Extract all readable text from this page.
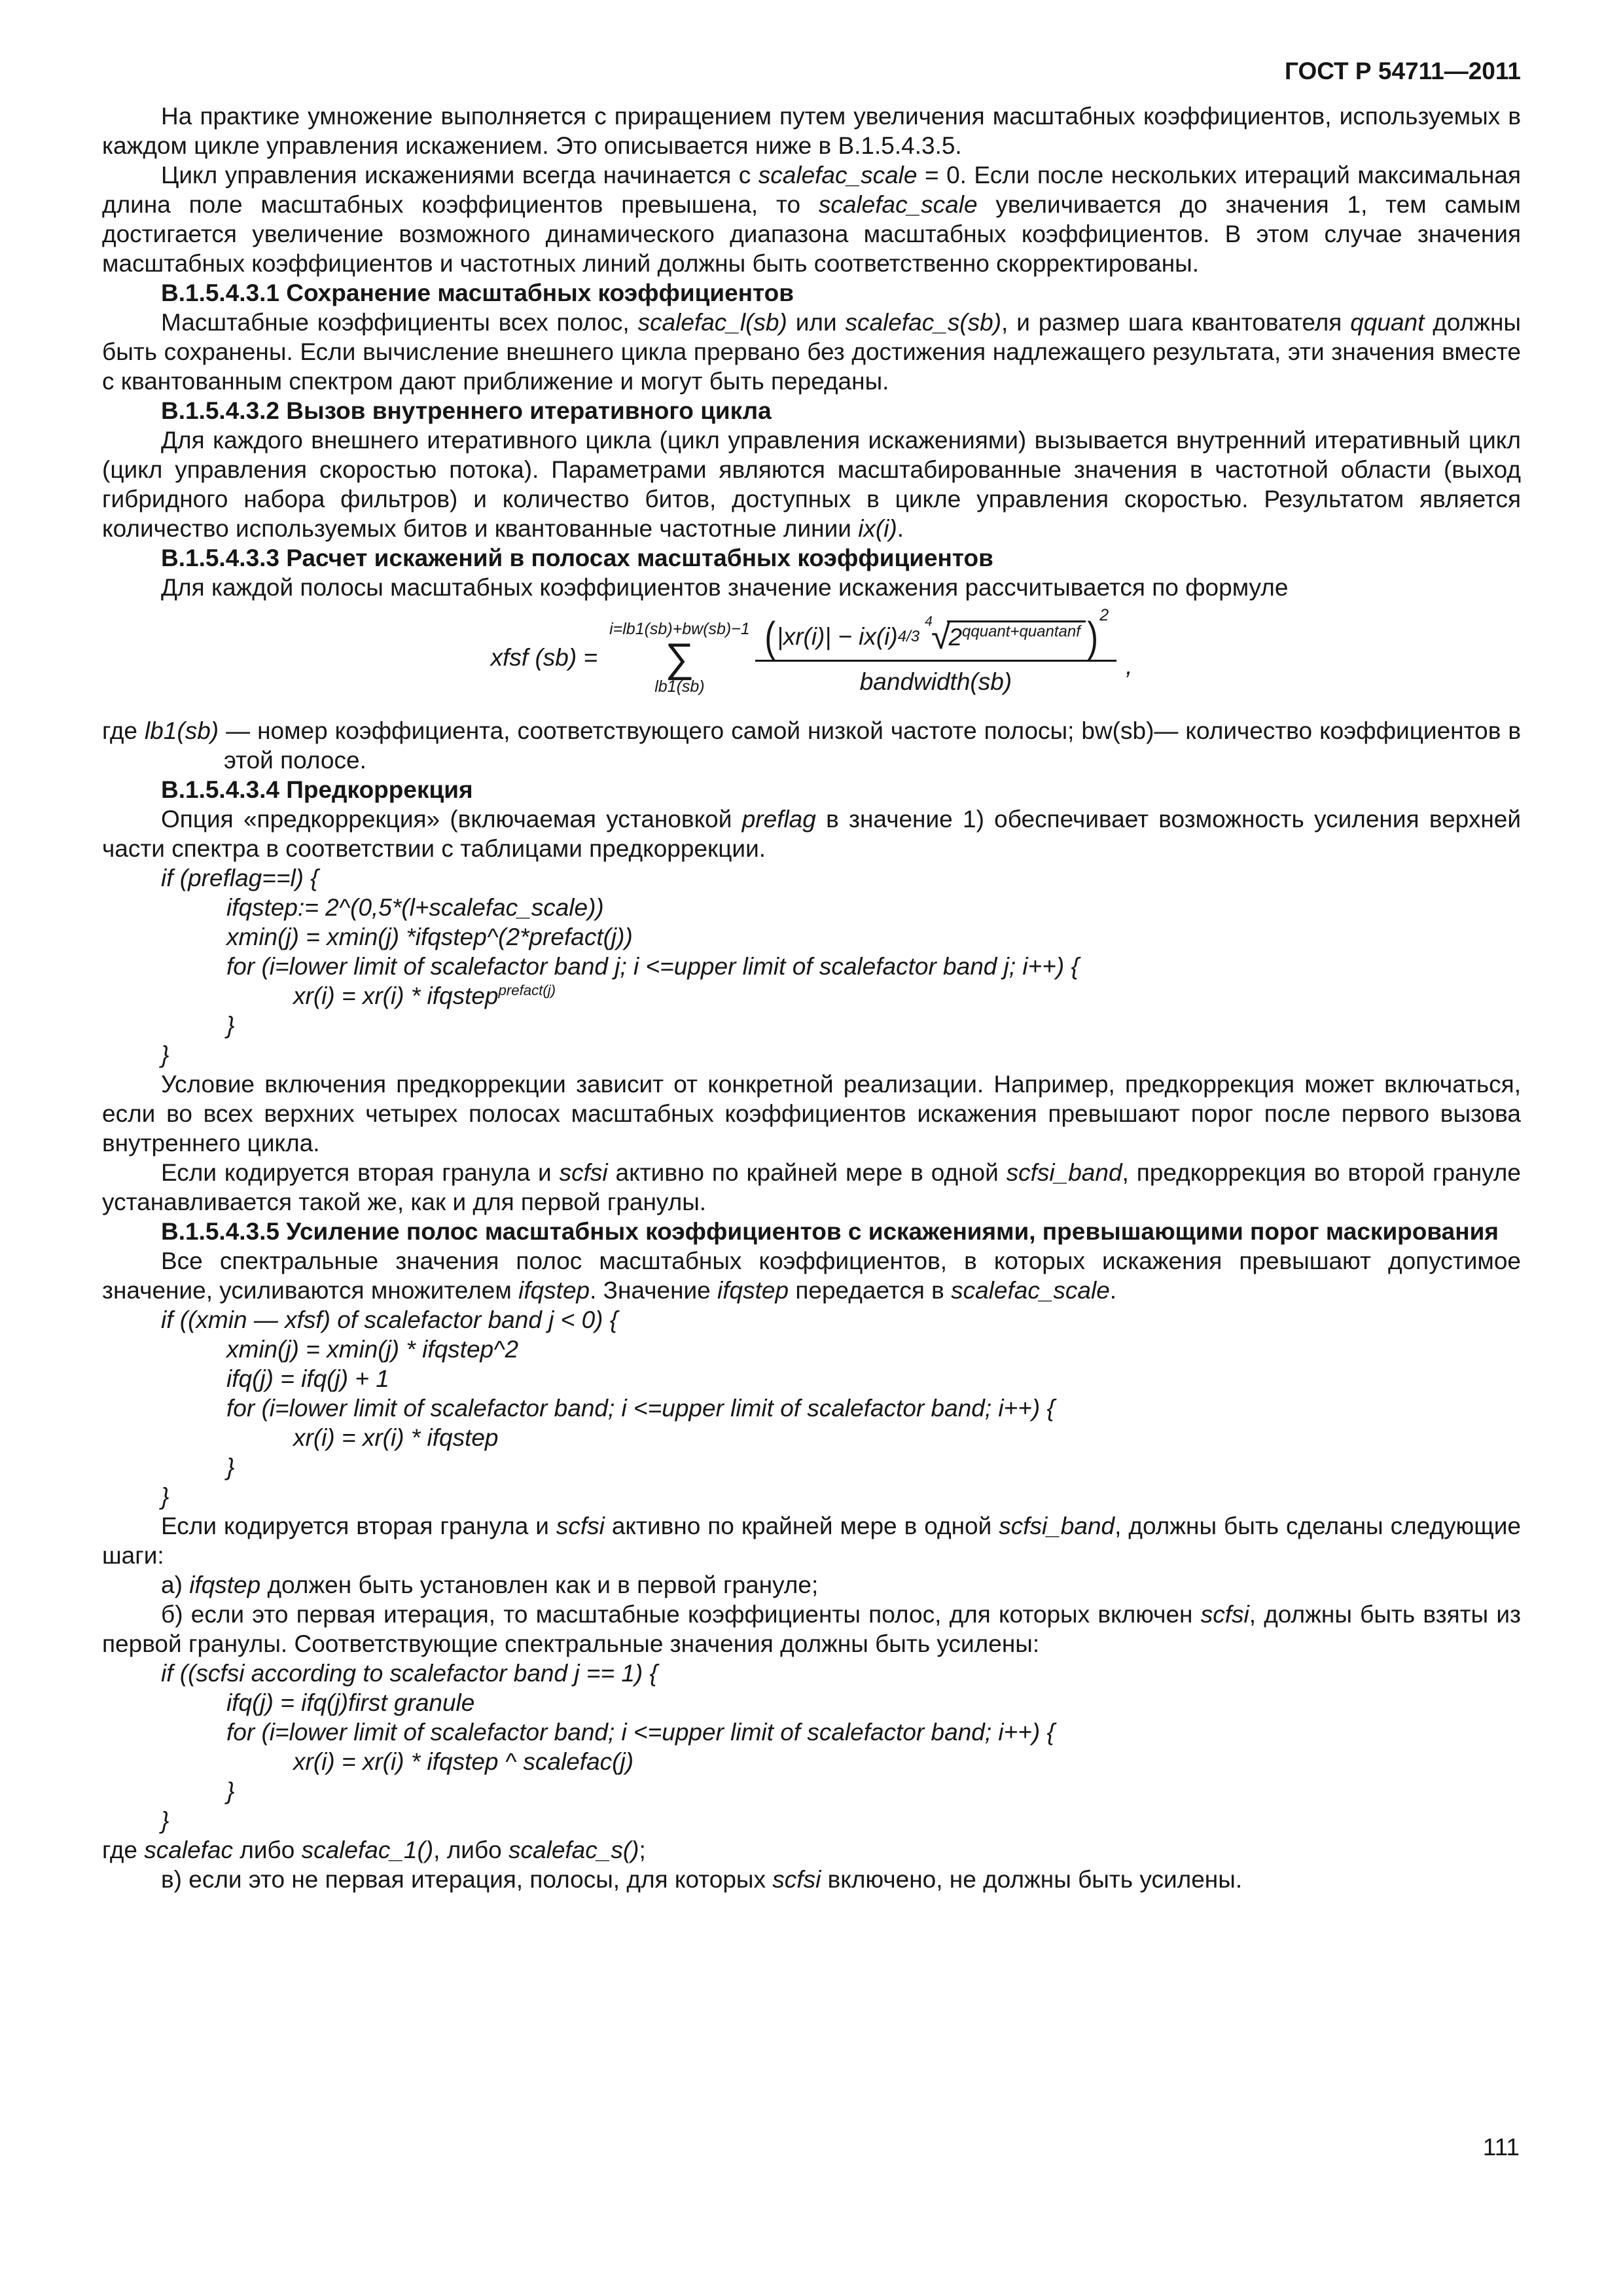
ГОСТ Р 54711—2011

На практике умножение выполняется с приращением путем увеличения масштабных коэффициентов, используемых в каждом цикле управления искажением. Это описывается ниже в В.1.5.4.3.5.

Цикл управления искажениями всегда начинается с scalefac_scale = 0. Если после нескольких итераций максимальная длина поле масштабных коэффициентов превышена, то scalefac_scale увеличивается до значения 1, тем самым достигается увеличение возможного динамического диапазона масштабных коэффициентов. В этом случае значения масштабных коэффициентов и частотных линий должны быть соответственно скорректированы.

В.1.5.4.3.1 Сохранение масштабных коэффициентов

Масштабные коэффициенты всех полос, scalefac_l(sb) или scalefac_s(sb), и размер шага квантователя qquant должны быть сохранены. Если вычисление внешнего цикла прервано без достижения надлежащего результата, эти значения вместе с квантованным спектром дают приближение и могут быть переданы.

В.1.5.4.3.2 Вызов внутреннего итеративного цикла

Для каждого внешнего итеративного цикла (цикл управления искажениями) вызывается внутренний итеративный цикл (цикл управления скоростью потока). Параметрами являются масштабированные значения в частотной области (выход гибридного набора фильтров) и количество битов, доступных в цикле управления скоростью. Результатом является количество используемых битов и квантованные частотные линии ix(i).

В.1.5.4.3.3 Расчет искажений в полосах масштабных коэффициентов

Для каждой полосы масштабных коэффициентов значение искажения рассчитывается по формуле

xfsf (sb) =
i=lb1(sb)+bw(sb)−1
∑
lb1(sb)
( |xr(i)| − ix(i) 4/3
4
√
$2^{qquant+quantanf}$ ) 2
bandwidth(sb)
,

где lb1(sb) — номер коэффициента, соответствующего самой низкой частоте полосы; bw(sb)— количество коэффициентов в этой полосе.

В.1.5.4.3.4 Предкоррекция

Опция «предкоррекция» (включаемая установкой preflag в значение 1) обеспечивает возможность усиления верхней части спектра в соответствии с таблицами предкоррекции.

if (preflag==l) {
ifqstep:= 2^(0,5*(l+scalefac_scale))
xmin(j) = xmin(j) *ifqstep^(2*prefact(j))
for (i=lower limit of scalefactor band j; i <=upper limit of scalefactor band j; i++) {
xr(i) = xr(i) * ifqstep$^{prefact(j)}$
}
}

Условие включения предкоррекции зависит от конкретной реализации. Например, предкоррекция может включаться, если во всех верхних четырех полосах масштабных коэффициентов искажения превышают порог после первого вызова внутреннего цикла.

Если кодируется вторая гранула и scfsi активно по крайней мере в одной scfsi_band, предкоррекция во второй грануле устанавливается такой же, как и для первой гранулы.

В.1.5.4.3.5 Усиление полос масштабных коэффициентов с искажениями, превышающими порог маскирования

Все спектральные значения полос масштабных коэффициентов, в которых искажения превышают допустимое значение, усиливаются множителем ifqstep. Значение ifqstep передается в scalefac_scale.

if ((xmin — xfsf) of scalefactor band j < 0) {
xmin(j) = xmin(j) * ifqstep^2
ifq(j) = ifq(j) + 1
for (i=lower limit of scalefactor band; i <=upper limit of scalefactor band; i++) {
xr(i) = xr(i) * ifqstep
}
}

Если кодируется вторая гранула и scfsi активно по крайней мере в одной scfsi_band, должны быть сделаны следующие шаги:

а) ifqstep должен быть установлен как и в первой грануле;

б) если это первая итерация, то масштабные коэффициенты полос, для которых включен scfsi, должны быть взяты из первой гранулы. Соответствующие спектральные значения должны быть усилены:

if ((scfsi according to scalefactor band j == 1) {
ifq(j) = ifq(j)first granule
for (i=lower limit of scalefactor band; i <=upper limit of scalefactor band; i++) {
xr(i) = xr(i) * ifqstep ^ scalefac(j)
}
}

где scalefac либо scalefac_1(), либо scalefac_s();

в) если это не первая итерация, полосы, для которых scfsi включено, не должны быть усилены.

111
